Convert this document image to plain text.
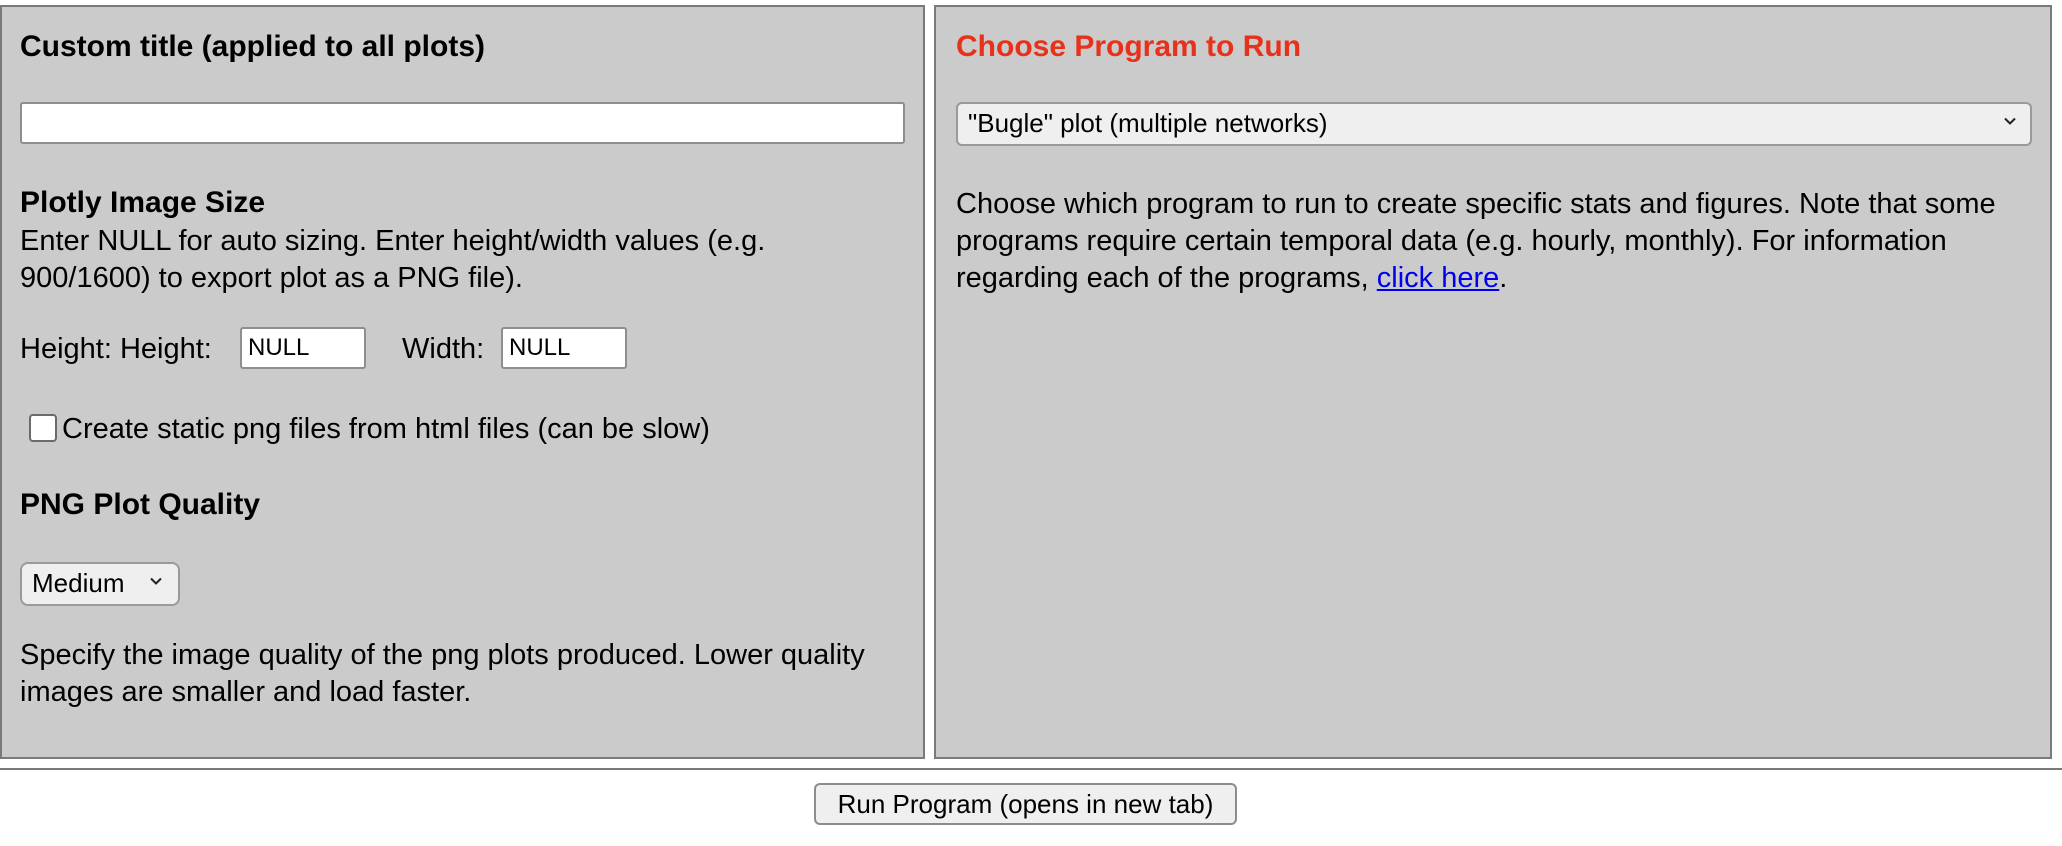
Custom title (applied to all plots)
Plotly Image Size
Enter NULL for auto sizing. Enter height/width values (e.g. 900/1600) to export plot as a PNG file).
Height: Height:
NULL	Width:
NULL
Create static png files from html files (can be slow)
PNG Plot Quality
Medium
Specify the image quality of the png plots produced. Lower quality images are smaller and load faster.
Choose Program to Run
"Bugle" plot (multiple networks)
Choose which program to run to create specific stats and figures. Note that some programs require certain temporal data (e.g. hourly, monthly). For information regarding each of the programs, click here.
Run Program (opens in new tab)
